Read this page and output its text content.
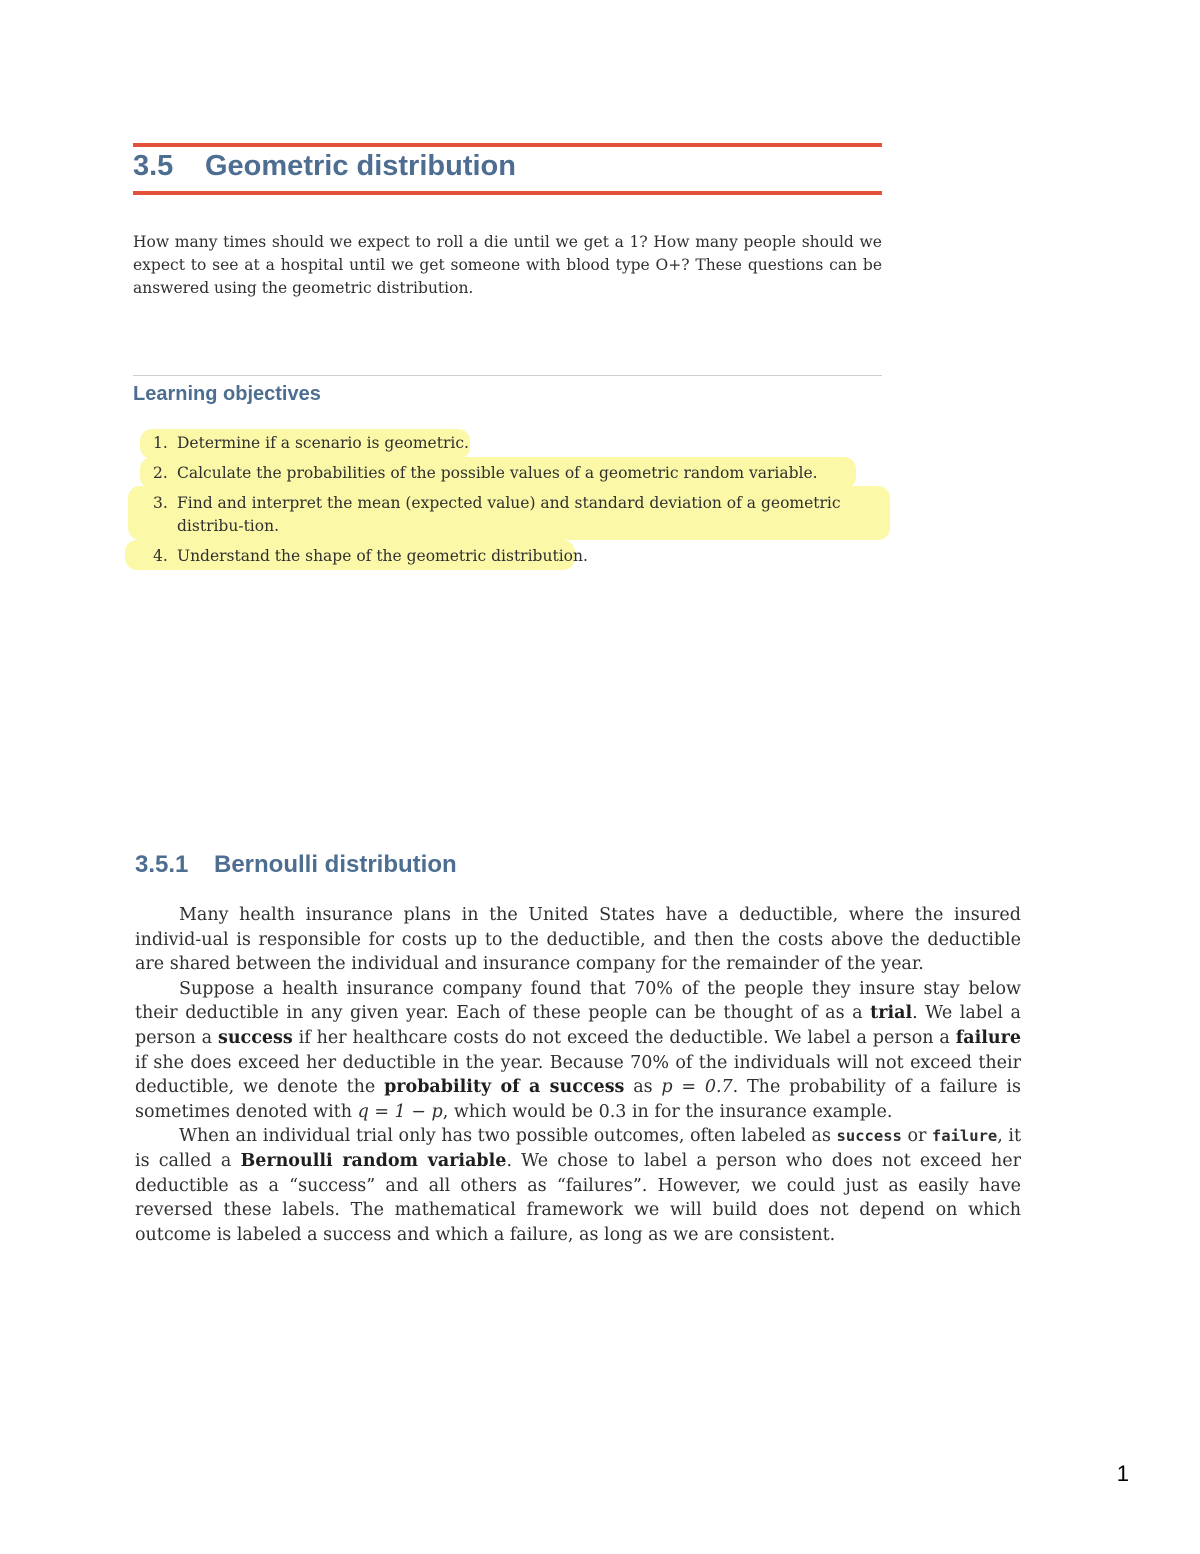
3.5 Geometric distribution
How many times should we expect to roll a die until we get a 1? How many people should we expect to see at a hospital until we get someone with blood type O+? These questions can be answered using the geometric distribution.
Learning objectives
1. Determine if a scenario is geometric.
2. Calculate the probabilities of the possible values of a geometric random variable.
3. Find and interpret the mean (expected value) and standard deviation of a geometric distribu-tion.
4. Understand the shape of the geometric distribution.
3.5.1 Bernoulli distribution

Many health insurance plans in the United States have a deductible, where the insured individ-ual is responsible for costs up to the deductible, and then the costs above the deductible are shared between the individual and insurance company for the remainder of the year.

Suppose a health insurance company found that 70% of the people they insure stay below their deductible in any given year. Each of these people can be thought of as a trial. We label a person a success if her healthcare costs do not exceed the deductible. We label a person a failure if she does exceed her deductible in the year. Because 70% of the individuals will not exceed their deductible, we denote the probability of a success as p = 0.7. The probability of a failure is sometimes denoted with q = 1 − p, which would be 0.3 in for the insurance example.

When an individual trial only has two possible outcomes, often labeled as success or failure, it is called a Bernoulli random variable. We chose to label a person who does not exceed her deductible as a “success” and all others as “failures”. However, we could just as easily have reversed these labels. The mathematical framework we will build does not depend on which outcome is labeled a success and which a failure, as long as we are consistent.

1
